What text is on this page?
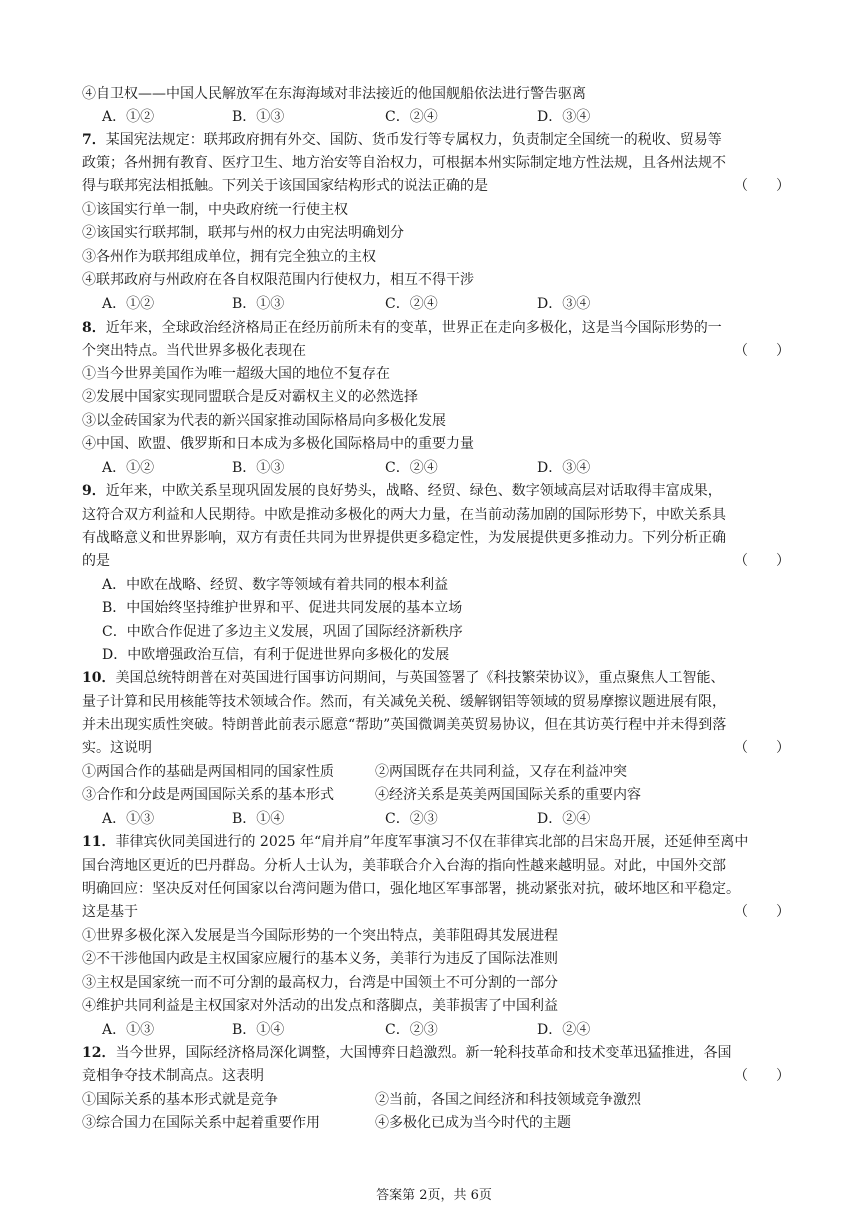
④自卫权——中国人民解放军在东海海域对非法接近的他国舰船依法进行警告驱离
A．①②	B．①③	C．②④	D．③④
7．某国宪法规定：联邦政府拥有外交、国防、货币发行等专属权力，负责制定全国统一的税收、贸易等
政策；各州拥有教育、医疗卫生、地方治安等自治权力，可根据本州实际制定地方性法规，且各州法规不
得与联邦宪法相抵触。下列关于该国国家结构形式的说法正确的是	（　　）
①该国实行单一制，中央政府统一行使主权
②该国实行联邦制，联邦与州的权力由宪法明确划分
③各州作为联邦组成单位，拥有完全独立的主权
④联邦政府与州政府在各自权限范围内行使权力，相互不得干涉
A．①②	B．①③	C．②④	D．③④
8．近年来，全球政治经济格局正在经历前所未有的变革，世界正在走向多极化，这是当今国际形势的一
个突出特点。当代世界多极化表现在	（　　）
①当今世界美国作为唯一超级大国的地位不复存在
②发展中国家实现同盟联合是反对霸权主义的必然选择
③以金砖国家为代表的新兴国家推动国际格局向多极化发展
④中国、欧盟、俄罗斯和日本成为多极化国际格局中的重要力量
A．①②	B．①③	C．②④	D．③④
9．近年来，中欧关系呈现巩固发展的良好势头，战略、经贸、绿色、数字领域高层对话取得丰富成果，
这符合双方利益和人民期待。中欧是推动多极化的两大力量，在当前动荡加剧的国际形势下，中欧关系具
有战略意义和世界影响，双方有责任共同为世界提供更多稳定性，为发展提供更多推动力。下列分析正确
的是	（　　）
A．中欧在战略、经贸、数字等领域有着共同的根本利益
B．中国始终坚持维护世界和平、促进共同发展的基本立场
C．中欧合作促进了多边主义发展，巩固了国际经济新秩序
D．中欧增强政治互信，有利于促进世界向多极化的发展
10．美国总统特朗普在对英国进行国事访问期间，与英国签署了《科技繁荣协议》，重点聚焦人工智能、
量子计算和民用核能等技术领域合作。然而，有关减免关税、缓解钢铝等领域的贸易摩擦议题进展有限，
并未出现实质性突破。特朗普此前表示愿意“帮助”英国微调美英贸易协议，但在其访英行程中并未得到落
实。这说明	（　　）
①两国合作的基础是两国相同的国家性质	②两国既存在共同利益，又存在利益冲突
③合作和分歧是两国国际关系的基本形式	④经济关系是英美两国国际关系的重要内容
A．①③	B．①④	C．②③	D．②④
11．菲律宾伙同美国进行的 2025 年“肩并肩”年度军事演习不仅在菲律宾北部的吕宋岛开展，还延伸至离中
国台湾地区更近的巴丹群岛。分析人士认为，美菲联合介入台海的指向性越来越明显。对此，中国外交部
明确回应：坚决反对任何国家以台湾问题为借口，强化地区军事部署，挑动紧张对抗，破坏地区和平稳定。
这是基于	（　　）
①世界多极化深入发展是当今国际形势的一个突出特点，美菲阻碍其发展进程
②不干涉他国内政是主权国家应履行的基本义务，美菲行为违反了国际法准则
③主权是国家统一而不可分割的最高权力，台湾是中国领土不可分割的一部分
④维护共同利益是主权国家对外活动的出发点和落脚点，美菲损害了中国利益
A．①③	B．①④	C．②③	D．②④
12．当今世界，国际经济格局深化调整，大国博弈日趋激烈。新一轮科技革命和技术变革迅猛推进，各国
竞相争夺技术制高点。这表明	（　　）
①国际关系的基本形式就是竞争	②当前，各国之间经济和科技领域竞争激烈
③综合国力在国际关系中起着重要作用	④多极化已成为当今时代的主题
答案第 2页，共 6页
